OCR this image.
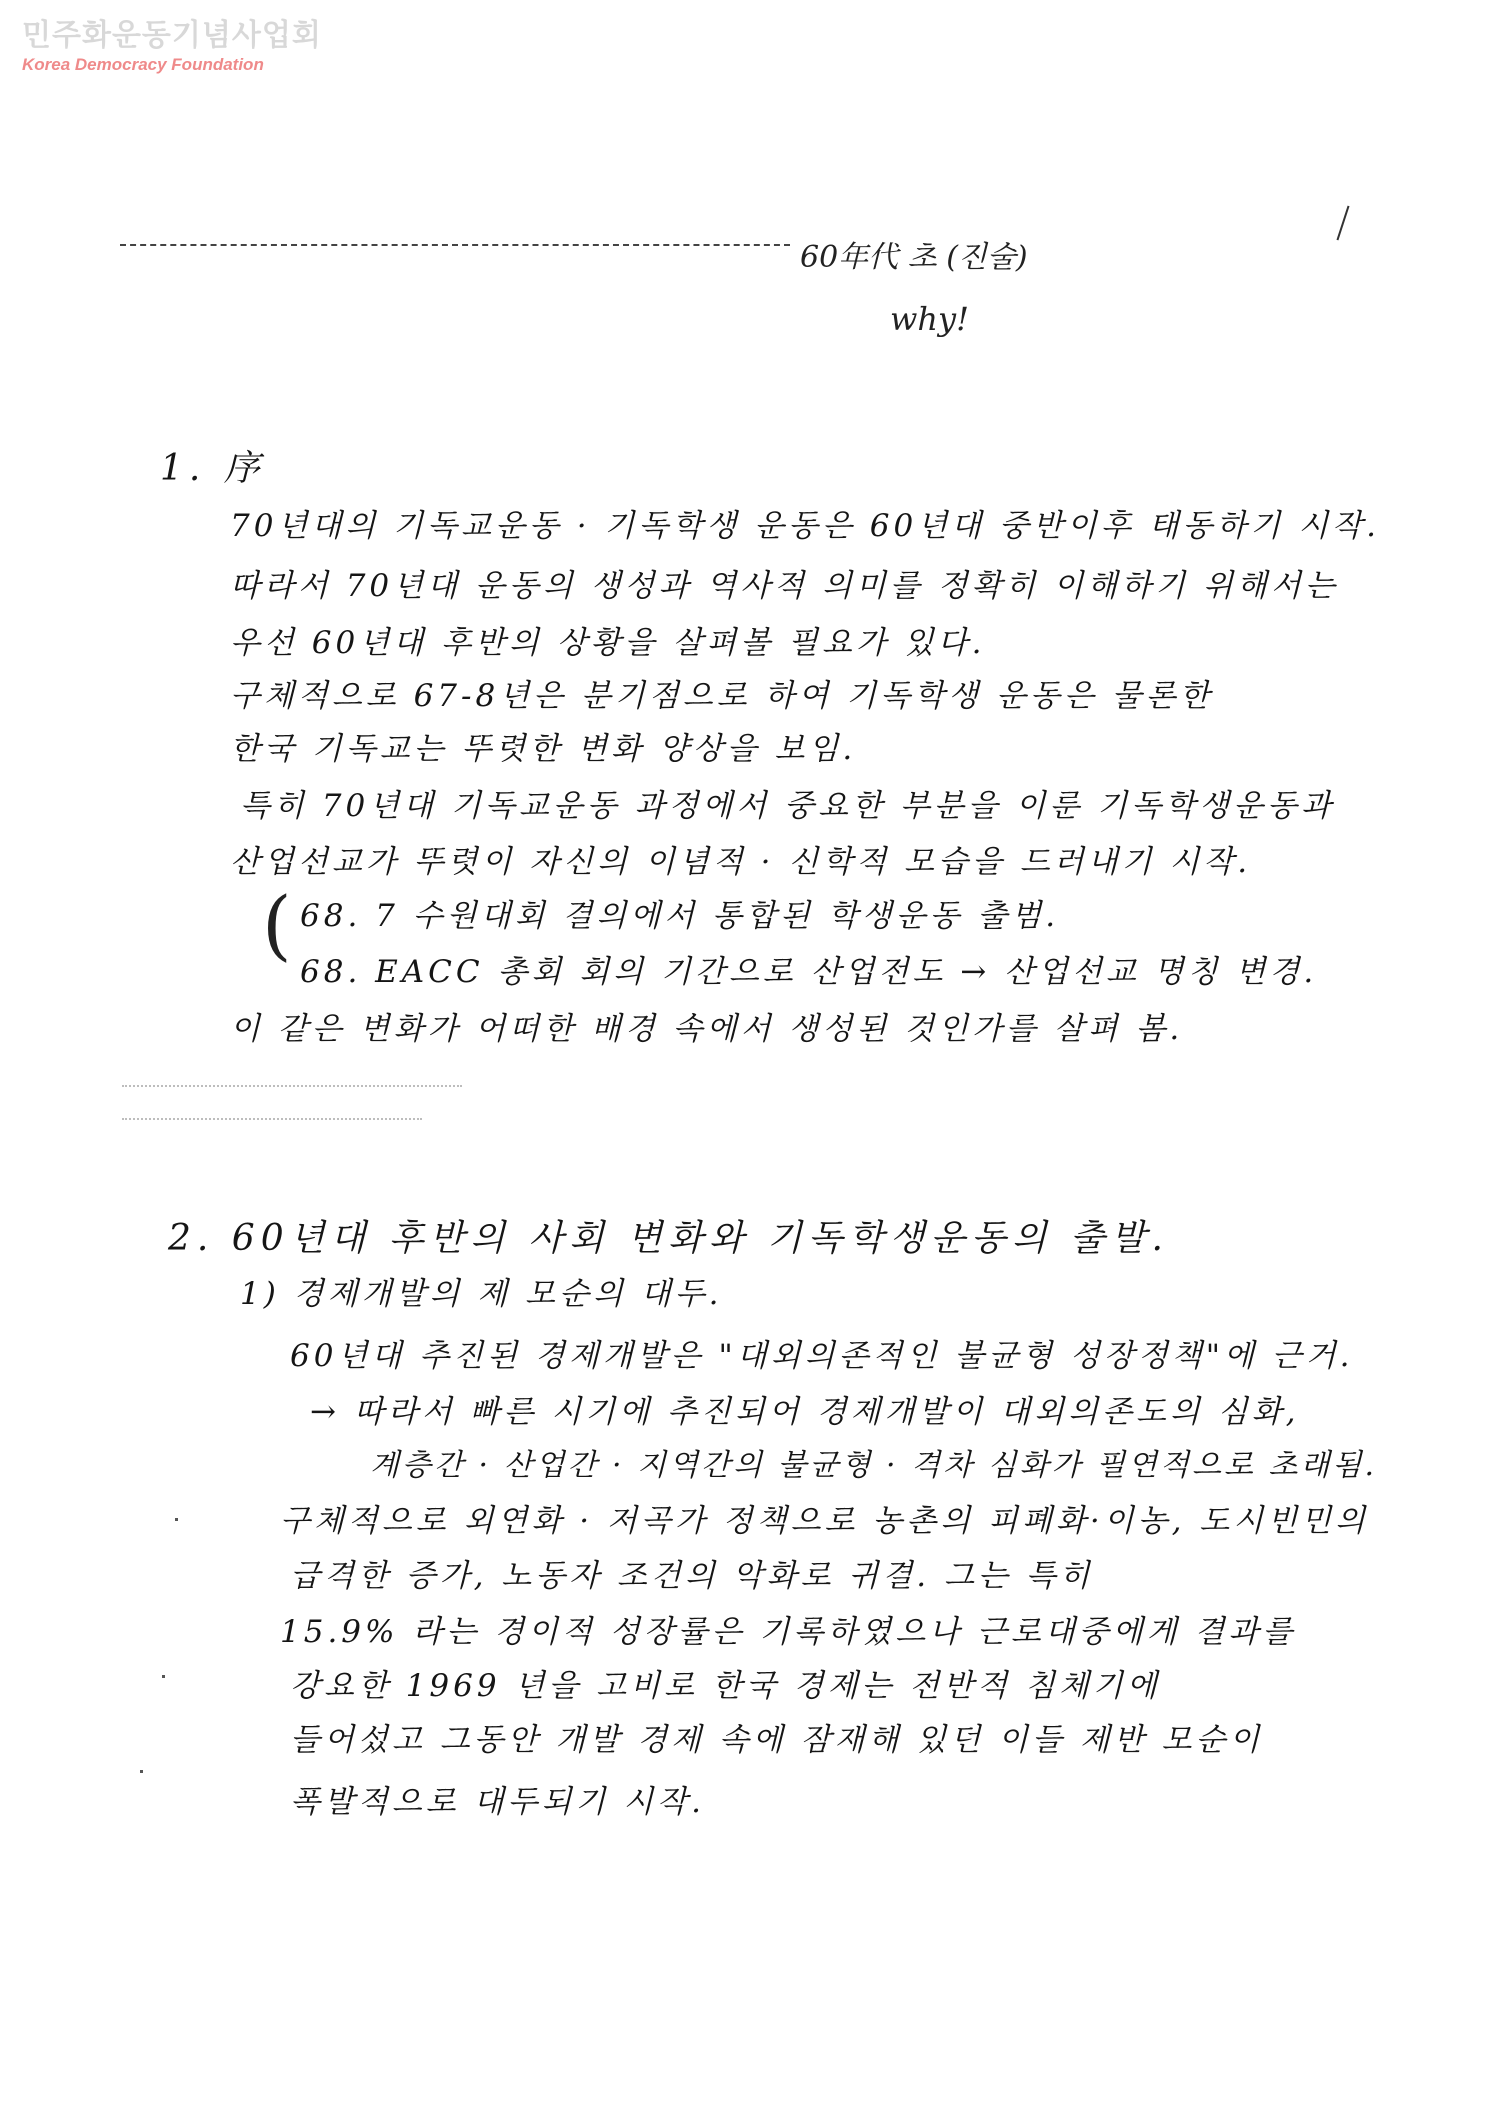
민주화운동기념사업회
Korea Democracy Foundation
60年代 초 (진술)
why!
1. 序
70년대의 기독교운동 · 기독학생 운동은 60년대 중반이후 태동하기 시작.
따라서 70년대 운동의 생성과 역사적 의미를 정확히 이해하기 위해서는
우선 60년대 후반의 상황을 살펴볼 필요가 있다.
구체적으로 67-8년은 분기점으로 하여 기독학생 운동은 물론한
한국 기독교는 뚜렷한 변화 양상을 보임.
특히 70년대 기독교운동 과정에서 중요한 부분을 이룬 기독학생운동과
산업선교가 뚜렷이 자신의 이념적 · 신학적 모습을 드러내기 시작.
( 68. 7 수원대회 결의에서 통합된 학생운동 출범.
68. EACC 총회 회의 기간으로 산업전도 → 산업선교 명칭 변경.
이 같은 변화가 어떠한 배경 속에서 생성된 것인가를 살펴 봄.
2. 60년대 후반의 사회 변화와 기독학생운동의 출발.
1) 경제개발의 제 모순의 대두.
60년대 추진된 경제개발은 "대외의존적인 불균형 성장정책"에 근거.
→ 따라서 빠른 시기에 추진되어 경제개발이 대외의존도의 심화,
계층간 · 산업간 · 지역간의 불균형 · 격차 심화가 필연적으로 초래됨.
구체적으로 외연화 · 저곡가 정책으로 농촌의 피폐화·이농, 도시빈민의
급격한 증가, 노동자 조건의 악화로 귀결. 그는 특히
15.9% 라는 경이적 성장률은 기록하였으나 근로대중에게 결과를
강요한 1969 년을 고비로 한국 경제는 전반적 침체기에
들어섰고 그동안 개발 경제 속에 잠재해 있던 이들 제반 모순이
폭발적으로 대두되기 시작.
